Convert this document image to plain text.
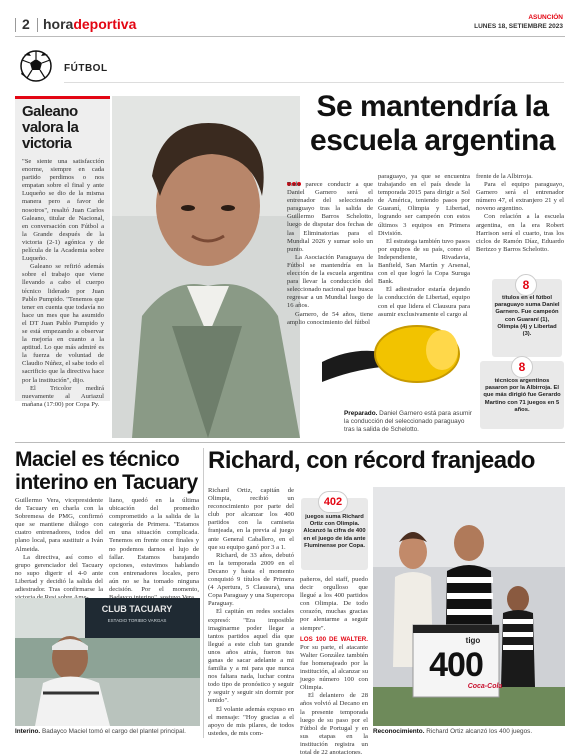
2 horadeportiva	ASUNCIÓN
LUNES 18, SETIEMBRE 2023
FÚTBOL
Galeano valora la victoria

"Se siente una satisfacción enorme, siempre en cada partido perdimos o nos empatan sobre el final y ante Luqueño se dio de la misma manera pero a favor de nosotros", resaltó Juan Carlos Galeano, titular de Nacional, en conversación con Fútbol a la Grande después de la victoria (2-1) agónica y de película de la Academia sobre Luqueño.

Galeano se refirió además sobre el trabajo que viene llevando a cabo el cuerpo técnico liderado por Juan Pablo Pumpido. "Tenemos que tener en cuenta que todavía no hace un mes que ha asumido el DT Juan Pablo Pumpido y se está empezando a observar la mejoría en cuanto a la aptitud. Lo que más admiré es la fuerza de voluntad de Claudio Núñez, el sabe todo el sacrificio que la directiva hace por la institución", dijo.

El Tricolor medirá nuevamente al Auriazul mañana (17:00) por Copa Py.

Se mantendría la escuela argentina

Todo parece conducir a que Daniel Garnero será el entrenador del seleccionado paraguayo tras la salida de Guillermo Barros Schelotto, luego de disputar dos fechas de las Eliminatorias para el Mundial 2026 y sumar solo un punto.

La Asociación Paraguaya de Fútbol se mantendría en la elección de la escuela argentina para llevar la conducción del seleccionado nacional que busca regresar a un Mundial luego de 16 años.

Garnero, de 54 años, tiene amplio conocimiento del fútbol

paraguayo, ya que se encuentra trabajando en el país desde la temporada 2015 para dirigir a Sol de América, teniendo pasos por Guaraní, Olimpia y Libertad, logrando ser campeón con estos últimos 3 equipos en Primera División.

El estratega también tuvo pasos por equipos de su país, como el Independiente, Rivadavia, Banfield, San Martín y Arsenal, con el que logró la Copa Suruga Bank.

El adiestrador estaría dejando la conducción de Libertad, equipo con el que lidera el Clausura para asumir exclusivamente el cargo al

frente de la Albirroja.

Para el equipo paraguayo, Garnero será el entrenador número 47, el extranjero 21 y el noveno argentino.

Con relación a la escuela argentina, en la era Robert Harrison será el cuarto, tras los ciclos de Ramón Díaz, Eduardo Berizzo y Barros Schelotto.

8
títulos en el fútbol paraguayo suma Daniel Garnero. Fue campeón con Guaraní (1), Olimpia (4) y Libertad (3).
8
técnicos argentinos pasaron por la Albirroja. El que más dirigió fue Gerardo Martino con 71 juegos en 5 años.
Preparado. Daniel Garnero está para asumir la conducción del seleccionado paraguayo tras la salida de Schelotto.
Maciel es técnico interino en Tacuary

Guillermo Vera, vicepresidente de Tacuary en charla con la Sobremesa de PMG, confirmó que se mantiene diálogo con cuatro entrenadores, todos del plano local, para sustituir a Iván Almeida.

La directiva, así como el grupo gerenciador del Tacuary no supo digerir el 4-0 ante Libertad y decidió la salida del adiestrador. Tras confirmarse la

liano, quedó en la última ubicación del promedio comprometido a la salida de la categoría de Primera. "Estamos en una situación complicada. Tenemos en frente once finales y no podemos darnos el lujo de fallar. Estamos barajando opciones, estuvimos hablando con entrenadores locales, pero aún no se ha tomado ninguna decisión. Por el momento,

CLUB TACUARY
ESTADIO TORIBIO VARGAS
Interino. Badayco Maciel tomó el cargo del plantel principal.
Richard, con récord franjeado

Richard Ortiz, capitán de Olimpia, recibió un reconocimiento por parte del club por alcanzar los 400 partidos con la camiseta franjeada, en la previa al juego ante General Caballero, en el que su equipo ganó por 3 a 1.

Richard, de 33 años, debutó en la temporada 2009 en el Decano y hasta el momento conquistó 9 títulos de Primera (4 Apertura, 5 Clausura), una Copa Paraguay y una Supercopa Paraguay.

El capitán en redes sociales expresó: "Era imposible imaginarme poder llegar a tantos partidos aquel día que llegué a este club tan grande unos años atrás, fueron tus ganas de sacar adelante a mi familia y a mi para que nunca nos faltara nada, luchar contra todo tipo de pronóstico y seguir y seguir y seguir sin dormir por tenido".

El volante además expuso en el mensaje: "Hoy gracias a el apoyo de mis pilares, de todos ustedes, de mis com-

402
juegos suma Richard Ortiz con Olimpia. Alcanzó la cifra de 400 en el juego de ida ante Fluminense por Copa.

pañeros, del staff, puedo decir orgulloso que llegué a los 400 partidos con Olimpia. De todo corazón, muchas gracias por alentarme a seguir siempre".

LOS 100 DE WALTER. Por su parte, el atacante Walter González también fue homenajeado por la institución, al alcanzar su juego número 100 con Olimpia.

El delantero de 28 años volvió al Decano en la presente temporada luego de su paso por el Fútbol de Portugal y en sus etapas en la institución registra un total de 22 anotaciones.

tigo
400
Coca-Cola
Reconocimiento. Richard Ortiz alcanzó los 400 juegos.
